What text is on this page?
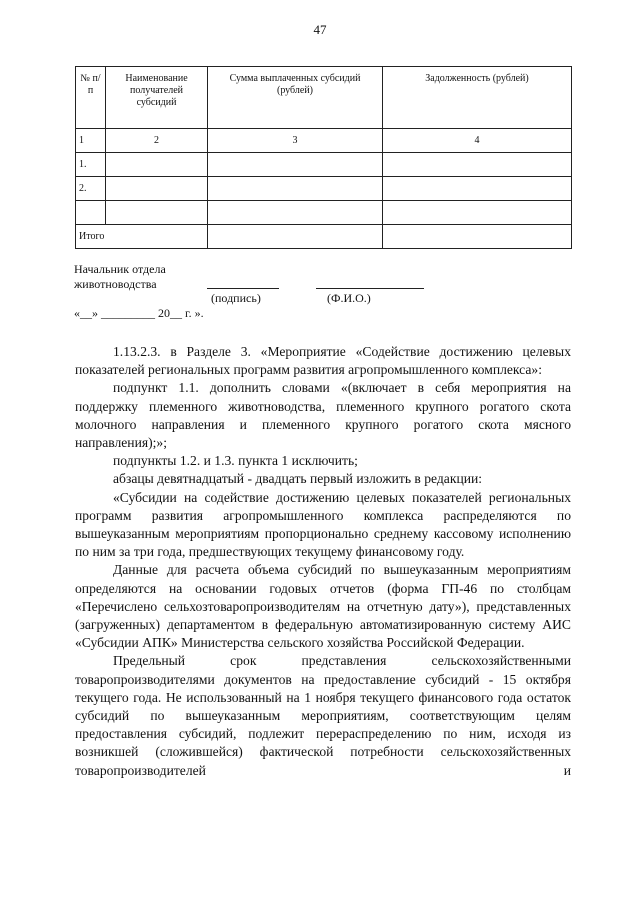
47
№ п/п	Наименование получателей субсидий	Сумма выплаченных субсидий (рублей)	Задолженность (рублей)
1	2	3	4
1.			
2.			

Итого			
Начальник отдела
животноводства
(подпись)	(Ф.И.О.)
«__» _________ 20__ г. ».

1.13.2.3. в Разделе 3. «Мероприятие «Содействие достижению целевых показателей региональных программ развития агропромышленного комплекса»:

подпункт 1.1. дополнить словами «(включает в себя мероприятия на поддержку племенного животноводства, племенного крупного рогатого скота молочного направления и племенного крупного рогатого скота мясного направления);»;

подпункты 1.2. и 1.3. пункта 1 исключить;

абзацы девятнадцатый - двадцать первый изложить в редакции:

«Субсидии на содействие достижению целевых показателей региональных программ развития агропромышленного комплекса распределяются по вышеуказанным мероприятиям пропорционально среднему кассовому исполнению по ним за три года, предшествующих текущему финансовому году.

Данные для расчета объема субсидий по вышеуказанным мероприятиям определяются на основании годовых отчетов (форма ГП-46 по столбцам «Перечислено сельхозтоваропроизводителям на отчетную дату»), представленных (загруженных) департаментом в федеральную автоматизированную систему АИС «Субсидии АПК» Министерства сельского хозяйства Российской Федерации.

Предельный срок представления сельскохозяйственными товаропроизводителями документов на предоставление субсидий - 15 октября текущего года. Не использованный на 1 ноября текущего финансового года остаток субсидий по вышеуказанным мероприятиям, соответствующим целям предоставления субсидий, подлежит перераспределению по ним, исходя из возникшей (сложившейся) фактической потребности сельскохозяйственных товаропроизводителей и
